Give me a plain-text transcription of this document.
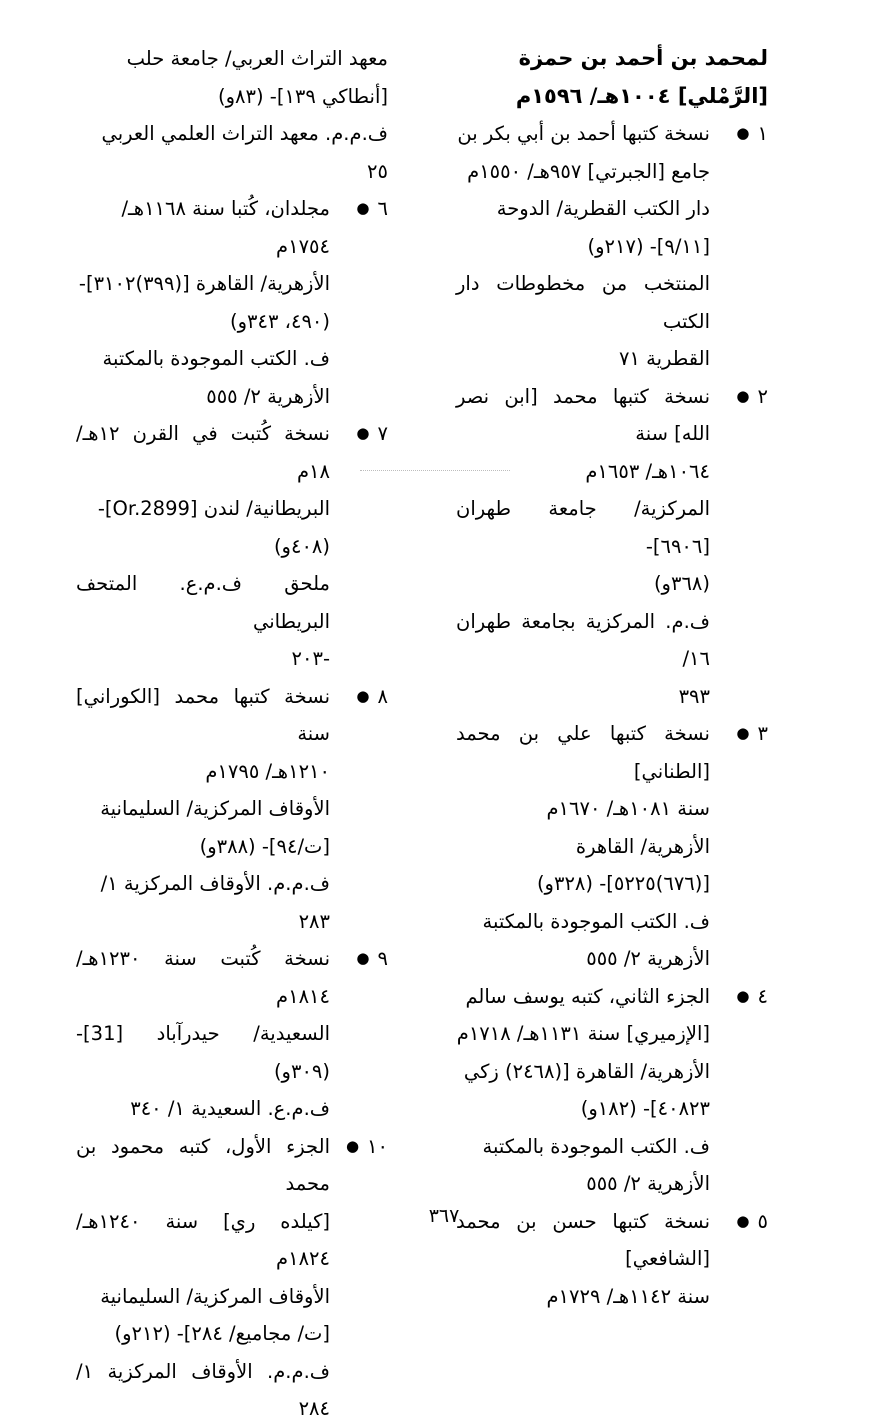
لمحمد بن أحمد بن حمزة
[الرَّمْلي] ١٠٠٤هـ/ ١٥٩٦م

١
●
نسخة كتبها أحمد بن أبي بكر بن
جامع [الجبرتي] ٩٥٧هـ/ ١٥٥٠م
دار الكتب القطرية/ الدوحة
[٩/١١]- (٢١٧و)
المنتخب من مخطوطات دار الكتب
القطرية ٧١
٢
●
نسخة كتبها محمد [ابن نصر الله] سنة
١٠٦٤هـ/ ١٦٥٣م
المركزية/ جامعة طهران [٦٩٠٦]-
(٣٦٨و)
ف.م. المركزية بجامعة طهران ١٦/
٣٩٣
٣
●
نسخة كتبها علي بن محمد [الطناني]
سنة ١٠٨١هـ/ ١٦٧٠م
الأزهرية/ القاهرة
[(٦٧٦)٥٢٢٥]- (٣٢٨و)
ف. الكتب الموجودة بالمكتبة
الأزهرية ٢/ ٥٥٥
٤
●
الجزء الثاني، كتبه يوسف سالم
[الإزميري] سنة ١١٣١هـ/ ١٧١٨م
الأزهرية/ القاهرة [(٢٤٦٨) زكي
٤٠٨٢٣]- (١٨٢و)
ف. الكتب الموجودة بالمكتبة
الأزهرية ٢/ ٥٥٥
٥
●
نسخة كتبها حسن بن محمد [الشافعي]
سنة ١١٤٢هـ/ ١٧٢٩م
معهد التراث العربي/ جامعة حلب
[أنطاكي ١٣٩]- (٨٣و)
ف.م.م. معهد التراث العلمي العربي
٢٥
٦
●
مجلدان، كُتبا سنة ١١٦٨هـ/
١٧٥٤م
الأزهرية/ القاهرة [(٣٩٩)٣١٠٢]-
(٤٩٠، ٣٤٣و)
ف. الكتب الموجودة بالمكتبة
الأزهرية ٢/ ٥٥٥
٧
●
نسخة كُتبت في القرن ١٢هـ/ ١٨م
البريطانية/ لندن [Or.2899]-
(٤٠٨و)
ملحق ف.م.ع. المتحف البريطاني
-٢٠٣
٨
●
نسخة كتبها محمد [الكوراني] سنة
١٢١٠هـ/ ١٧٩٥م
الأوقاف المركزية/ السليمانية
[ت/٩٤]- (٣٨٨و)
ف.م.م. الأوقاف المركزية ١/
٢٨٣
٩
●
نسخة كُتبت سنة ١٢٣٠هـ/ ١٨١٤م
السعيدية/ حيدرآباد [31]- (٣٠٩و)
ف.م.ع. السعيدية ١/ ٣٤٠
١٠
●
الجزء الأول، كتبه محمود بن محمد
[كيلده ري] سنة ١٢٤٠هـ/ ١٨٢٤م
الأوقاف المركزية/ السليمانية
[ت/ مجاميع/ ٢٨٤]- (٢١٢و)
ف.م.م. الأوقاف المركزية ١/ ٢٨٤
٣٦٧
